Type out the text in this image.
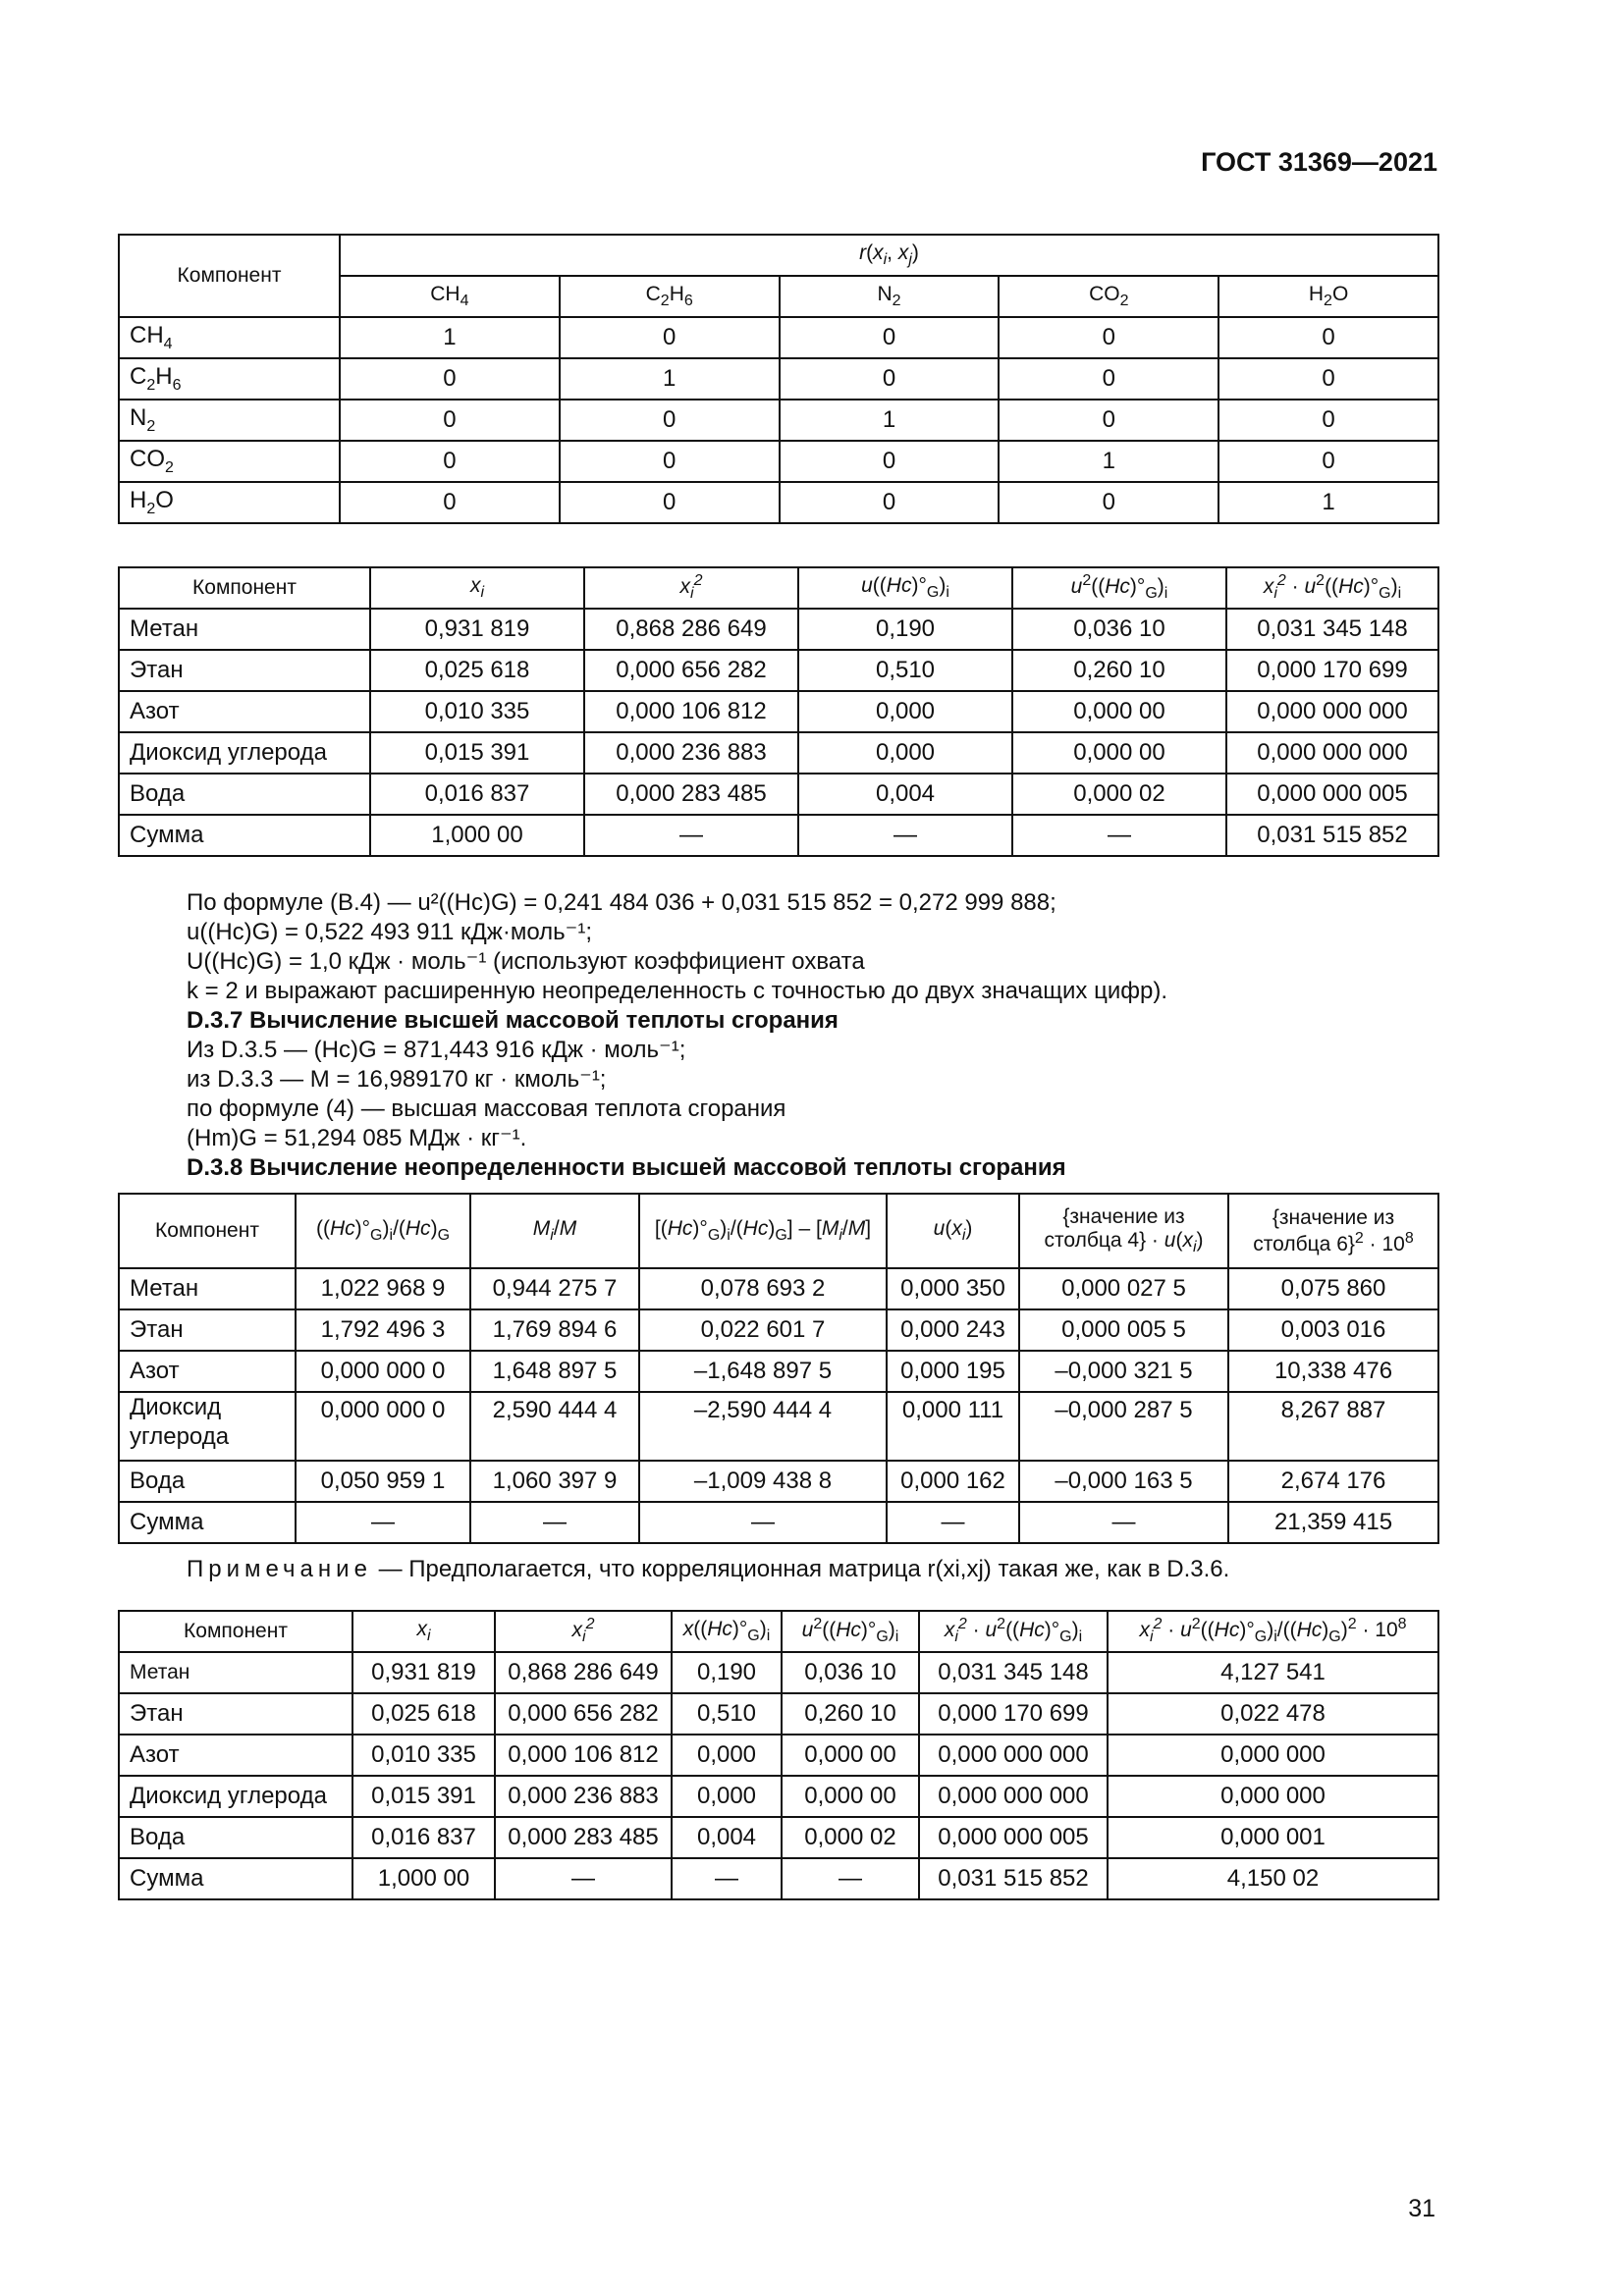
ГОСТ 31369—2021
Компонент	$r(x_i$, $x_j$)				
	$CH_4$	$C_2H_6$	$N_2$	$CO_2$	$H_2O$
$CH_4$	1	0	0	0	0
$C_2H_6$	0	1	0	0	0
$N_2$	0	0	1	0	0
$CO_2$	0	0	0	1	0
$H_2O$	0	0	0	0	1
Компонент	$x_i$	$x_i^2$	$u((Hc)^\circ_G)_i$	$u^2((Hc)^\circ_G)_i$	$x_i^2 \cdot u^2((Hc)^\circ_G)_i$
Метан	0,931 819	0,868 286 649	0,190	0,036 10	0,031 345 148
Этан	0,025 618	0,000 656 282	0,510	0,260 10	0,000 170 699
Азот	0,010 335	0,000 106 812	0,000	0,000 00	0,000 000 000
Диоксид углерода	0,015 391	0,000 236 883	0,000	0,000 00	0,000 000 000
Вода	0,016 837	0,000 283 485	0,004	0,000 02	0,000 000 005
Сумма	1,000 00	—	—	—	0,031 515 852
По формуле (В.4) — u²((Hc)G) = 0,241 484 036 + 0,031 515 852 = 0,272 999 888;
u((Hc)G) = 0,522 493 911 кДж·моль⁻¹;
U((Hc)G) = 1,0 кДж · моль⁻¹ (используют коэффициент охвата
k = 2 и выражают расширенную неопределенность с точностью до двух значащих цифр).
D.3.7 Вычисление высшей массовой теплоты сгорания
Из D.3.5 — (Hc)G = 871,443 916 кДж · моль⁻¹;
из D.3.3 — M = 16,989170 кг · кмоль⁻¹;
по формуле (4) — высшая массовая теплота сгорания
(Hm)G = 51,294 085 МДж · кг⁻¹.
D.3.8 Вычисление неопределенности высшей массовой теплоты сгорания
Компонент	$((Hc)^\circ_G)_i/(Hc)_G$	$M_i/M$	$[(Hc)^\circ_G)_i/(Hc)_G] - [M_i/M]$	$u(x_i)$	{значение из столбца $4\} \cdot u(x_i)$	{значение из столбца $6\}^2 \cdot 10^8$
Метан	1,022 968 9	0,944 275 7	0,078 693 2	0,000 350	0,000 027 5	0,075 860
Этан	1,792 496 3	1,769 894 6	0,022 601 7	0,000 243	0,000 005 5	0,003 016
Азот	0,000 000 0	1,648 897 5	–1,648 897 5	0,000 195	–0,000 321 5	10,338 476
Диоксид углерода	0,000 000 0	2,590 444 4	–2,590 444 4	0,000 111	–0,000 287 5	8,267 887
Вода	0,050 959 1	1,060 397 9	–1,009 438 8	0,000 162	–0,000 163 5	2,674 176
Сумма	—	—	—	—	—	21,359 415
Примечание — Предполагается, что корреляционная матрица r(xi,xj) такая же, как в D.3.6.
Компонент	$x_i$	$x_i^2$	$x((Hc)^\circ_G)_i$	$u^2((Hc)^\circ_G)_i$	$x_i^2 \cdot u^2((Hc)^\circ_G)_i$	$x_i^2 \cdot u^2((Hc)^\circ_G)_i/((Hc)_G)^2 \cdot 10^8$
Метан	0,931 819	0,868 286 649	0,190	0,036 10	0,031 345 148	4,127 541
Этан	0,025 618	0,000 656 282	0,510	0,260 10	0,000 170 699	0,022 478
Азот	0,010 335	0,000 106 812	0,000	0,000 00	0,000 000 000	0,000 000
Диоксид углерода	0,015 391	0,000 236 883	0,000	0,000 00	0,000 000 000	0,000 000
Вода	0,016 837	0,000 283 485	0,004	0,000 02	0,000 000 005	0,000 001
Сумма	1,000 00	—	—	—	0,031 515 852	4,150 02
31
